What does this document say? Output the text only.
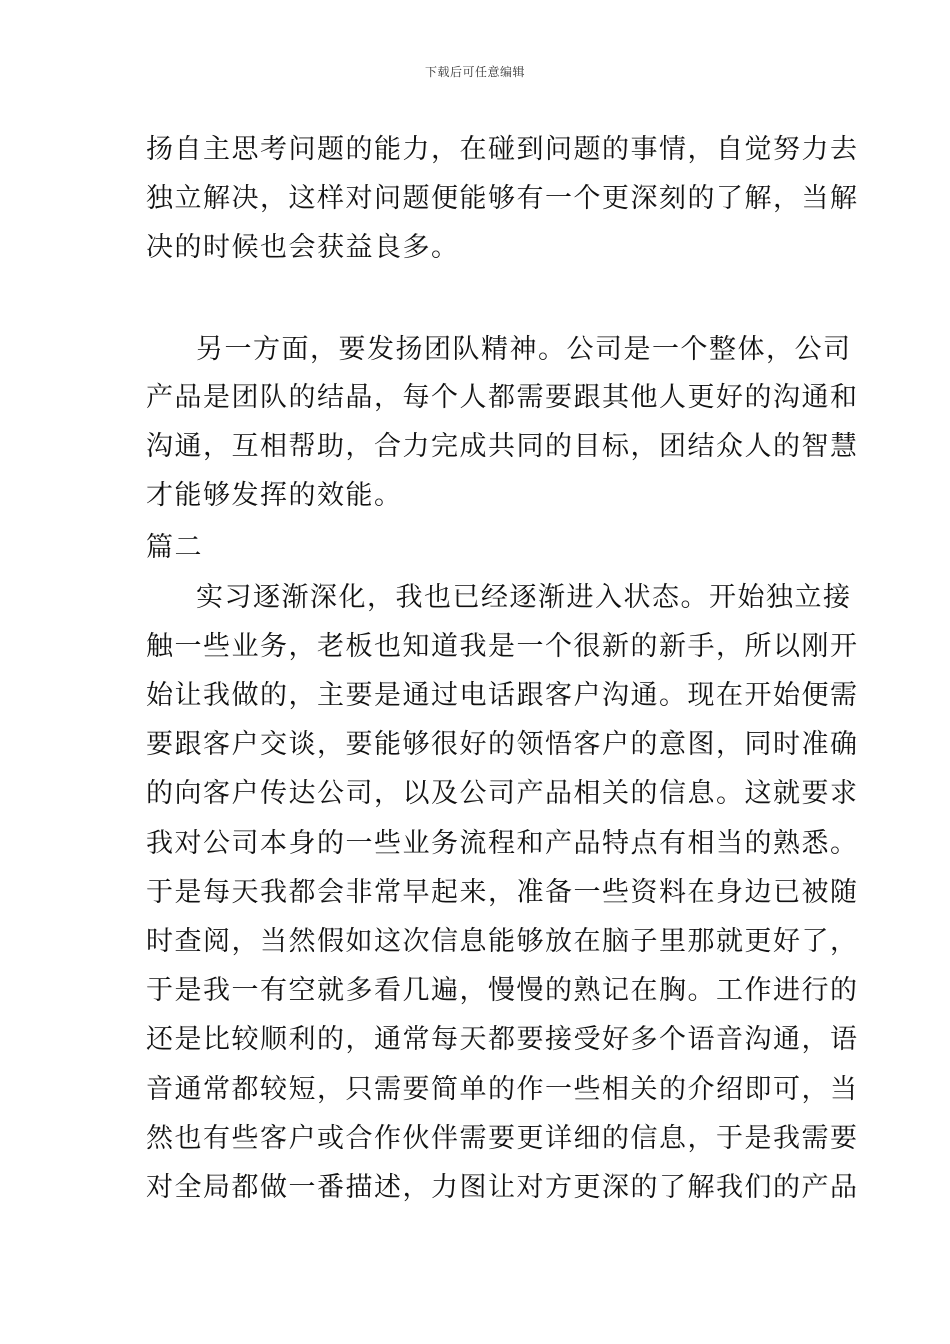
下载后可任意编辑
扬自主思考问题的能力，在碰到问题的事情，自觉努力去
独立解决，这样对问题便能够有一个更深刻的了解，当解
决的时候也会获益良多。
另一方面，要发扬团队精神。公司是一个整体，公司
产品是团队的结晶，每个人都需要跟其他人更好的沟通和
沟通，互相帮助，合力完成共同的目标，团结众人的智慧
才能够发挥的效能。
篇二
实习逐渐深化，我也已经逐渐进入状态。开始独立接
触一些业务，老板也知道我是一个很新的新手，所以刚开
始让我做的，主要是通过电话跟客户沟通。现在开始便需
要跟客户交谈，要能够很好的领悟客户的意图，同时准确
的向客户传达公司，以及公司产品相关的信息。这就要求
我对公司本身的一些业务流程和产品特点有相当的熟悉。
于是每天我都会非常早起来，准备一些资料在身边已被随
时查阅，当然假如这次信息能够放在脑子里那就更好了，
于是我一有空就多看几遍，慢慢的熟记在胸。工作进行的
还是比较顺利的，通常每天都要接受好多个语音沟通，语
音通常都较短，只需要简单的作一些相关的介绍即可，当
然也有些客户或合作伙伴需要更详细的信息，于是我需要
对全局都做一番描述，力图让对方更深的了解我们的产品
